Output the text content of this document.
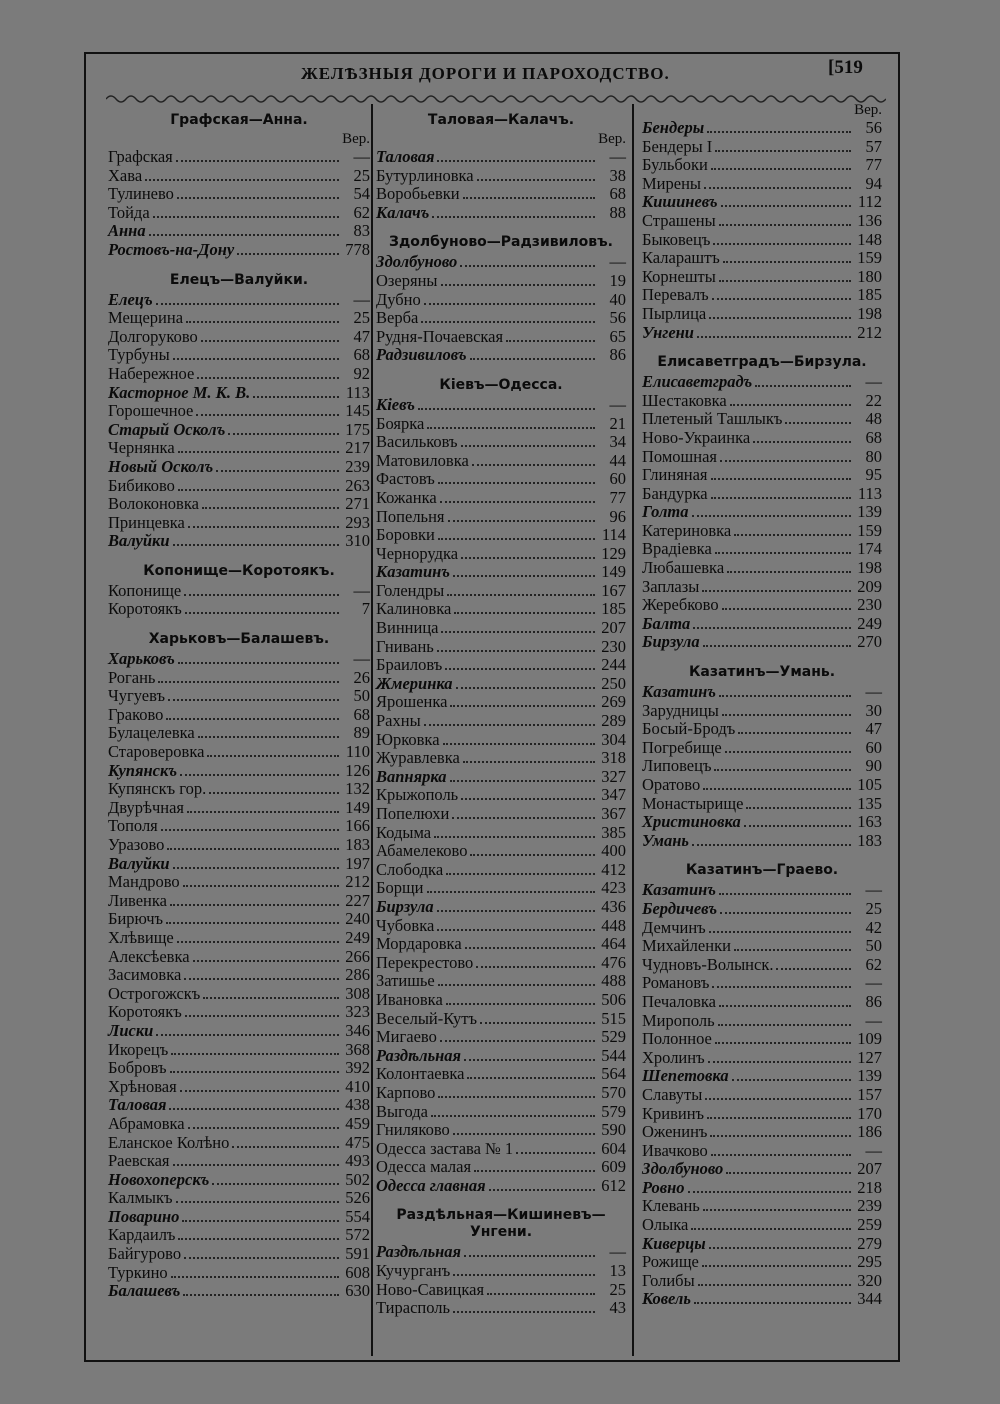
ЖЕЛѢЗНЫЯ ДОРОГИ И ПАРОХОДСТВО.	[519
Графская—Анна.
Вер.
Графская	—
Хава	25
Тулинево	54
Тойда	62
Анна	83
Ростовъ-на-Дону	778
Елецъ—Валуйки.
Елецъ	—
Мещерина	25
Долгоруково	47
Турбуны	68
Набережное	92
Касторное М. К. В.	113
Горошечное	145
Старый Осколъ	175
Чернянка	217
Новый Осколъ	239
Бибиково	263
Волоконовка	271
Принцевка	293
Валуйки	310
Копонище—Коротоякъ.
Копонище	—
Коротоякъ	7
Харьковъ—Балашевъ.
Харьковъ	—
Рогань	26
Чугуевъ	50
Граково	68
Булацелевка	89
Староверовка	110
Купянскъ	126
Купянскъ гор.	132
Двурѣчная	149
Тополя	166
Уразово	183
Валуйки	197
Мандрово	212
Ливенка	227
Бирючъ	240
Хлѣвище	249
Алексѣевка	266
Засимовка	286
Острогожскъ	308
Коротоякъ	323
Лиски	346
Икорецъ	368
Бобровъ	392
Хрѣновая	410
Таловая	438
Абрамовка	459
Еланское Колѣно	475
Раевская	493
Новохоперскъ	502
Калмыкъ	526
Поварино	554
Кардаилъ	572
Байгурово	591
Туркино	608
Балашевъ	630
Таловая—Калачъ.
Вер.
Таловая	—
Бутурлиновка	38
Воробьевки	68
Калачъ	88
Здолбуново—Радзивиловъ.
Здолбуново	—
Озеряны	19
Дубно	40
Верба	56
Рудня-Почаевская	65
Радзивиловъ	86
Кіевъ—Одесса.
Кіевъ	—
Боярка	21
Васильковъ	34
Матовиловка	44
Фастовъ	60
Кожанка	77
Попельня	96
Боровки	114
Чернорудка	129
Казатинъ	149
Голендры	167
Калиновка	185
Винница	207
Гнивань	230
Браиловъ	244
Жмеринка	250
Ярошенка	269
Рахны	289
Юрковка	304
Журавлевка	318
Вапнярка	327
Крыжополь	347
Попелюхи	367
Кодыма	385
Абамелеково	400
Слободка	412
Борщи	423
Бирзула	436
Чубовка	448
Мордаровка	464
Перекрестово	476
Затишье	488
Ивановка	506
Веселый-Кутъ	515
Мигаево	529
Раздѣльная	544
Колонтаевка	564
Карпово	570
Выгода	579
Гниляково	590
Одесса застава № 1	604
Одесса малая	609
Одесса главная	612
Раздѣльная—Кишиневъ—Унгени.
Раздѣльная	—
Кучурганъ	13
Ново-Савицкая	25
Тирасполь	43
Вер.
Бендеры	56
Бендеры I	57
Бульбоки	77
Мирены	94
Кишиневъ	112
Страшены	136
Быковецъ	148
Калараштъ	159
Корнешты	180
Перевалъ	185
Пырлица	198
Унгени	212
Елисаветградъ—Бирзула.
Елисаветградъ	—
Шестаковка	22
Плетеный Ташлыкъ	48
Ново-Украинка	68
Помошная	80
Глиняная	95
Бандурка	113
Голта	139
Катериновка	159
Врадіевка	174
Любашевка	198
Заплазы	209
Жеребково	230
Балта	249
Бирзула	270
Казатинъ—Умань.
Казатинъ	—
Зарудницы	30
Босый-Бродъ	47
Погребище	60
Липовецъ	90
Оратово	105
Монастырище	135
Христиновка	163
Умань	183
Казатинъ—Граево.
Казатинъ	—
Бердичевъ	25
Демчинъ	42
Михайленки	50
Чудновъ-Волынск.	62
Романовъ	—
Печаловка	86
Мирополь	—
Полонное	109
Хролинъ	127
Шепетовка	139
Славуты	157
Кривинъ	170
Оженинъ	186
Ивачково	—
Здолбуново	207
Ровно	218
Клевань	239
Олыка	259
Киверцы	279
Рожище	295
Голибы	320
Ковель	344
